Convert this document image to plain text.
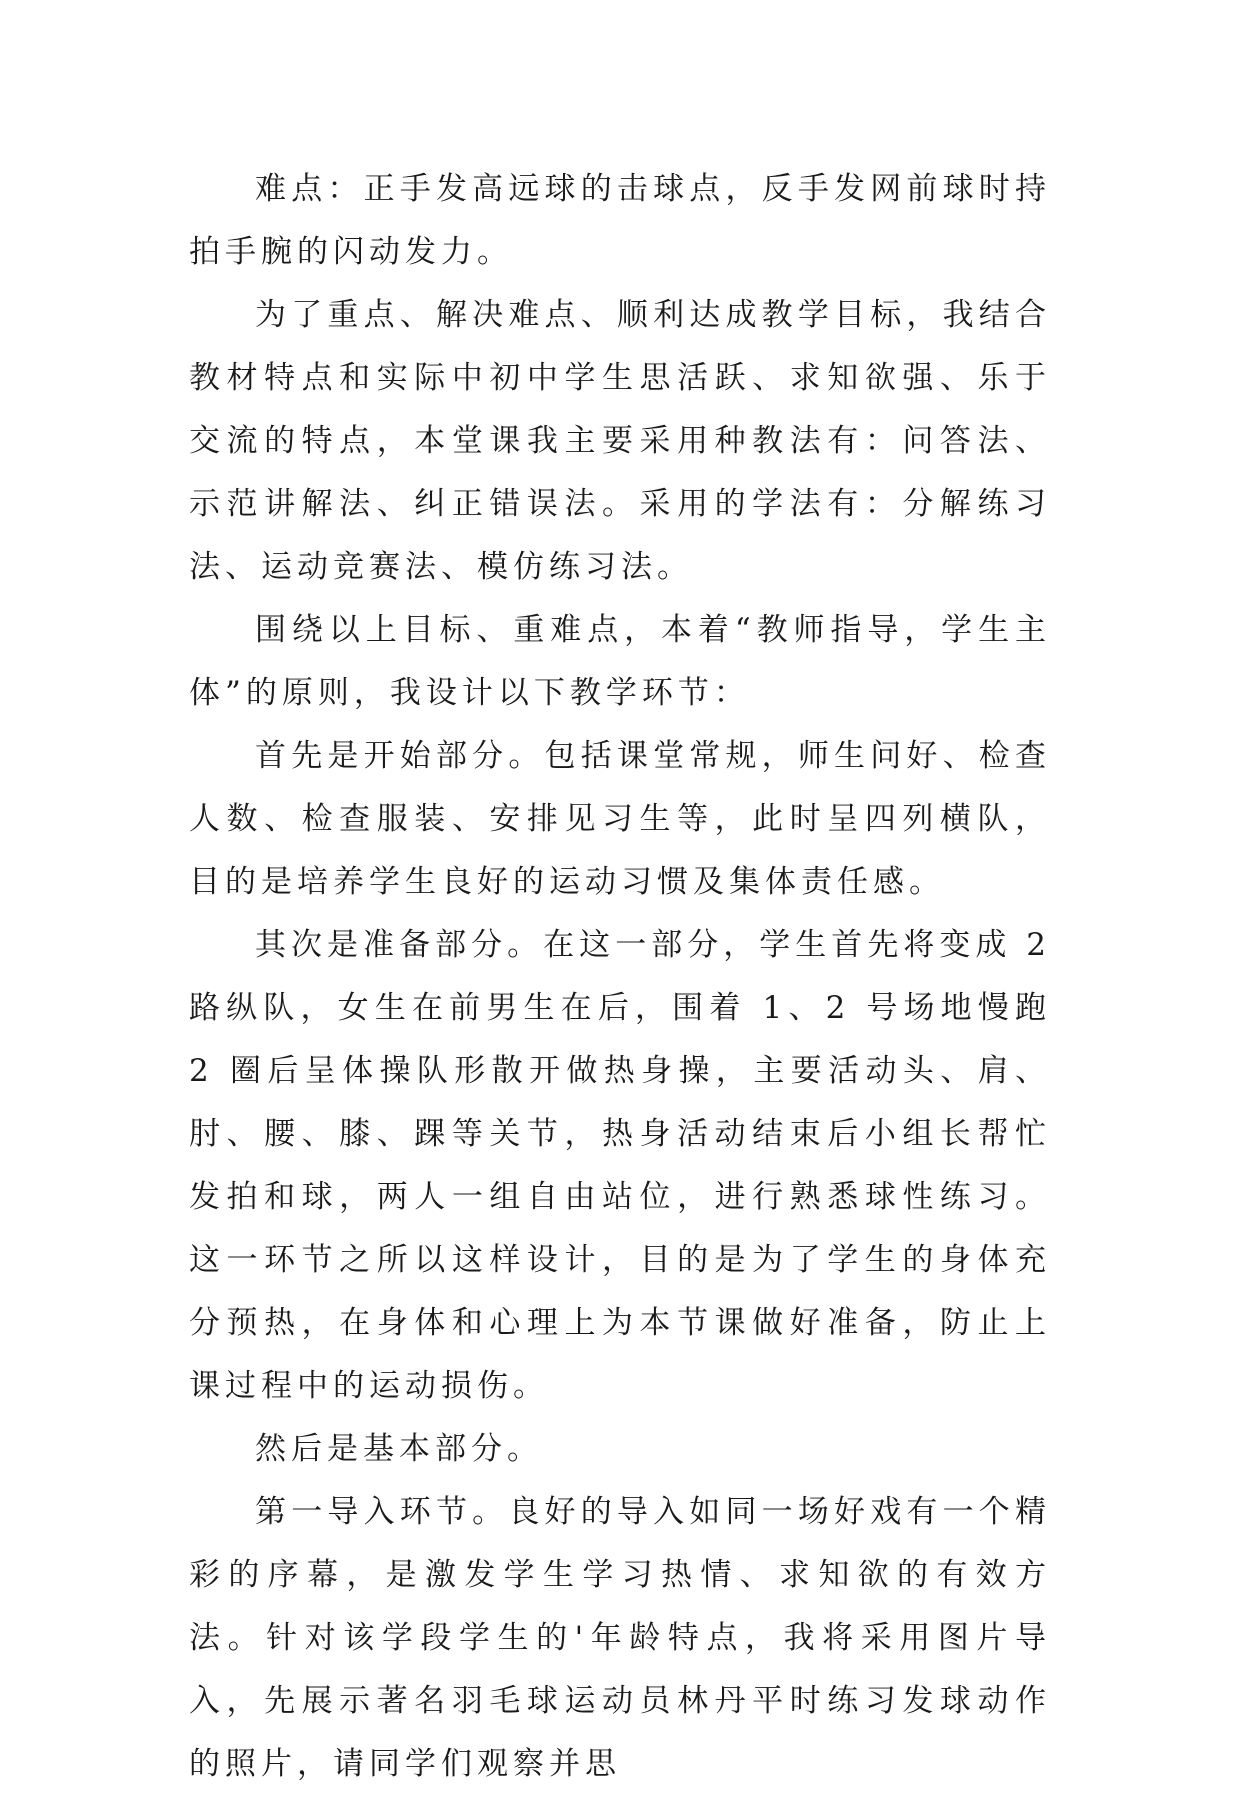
难点：正手发高远球的击球点，反手发网前球时持拍手腕的闪动发力。

为了重点、解决难点、顺利达成教学目标，我结合教材特点和实际中初中学生思活跃、求知欲强、乐于交流的特点，本堂课我主要采用种教法有：问答法、示范讲解法、纠正错误法。采用的学法有：分解练习法、运动竞赛法、模仿练习法。

围绕以上目标、重难点，本着“教师指导，学生主体”的原则，我设计以下教学环节：

首先是开始部分。包括课堂常规，师生问好、检查人数、检查服装、安排见习生等，此时呈四列横队，目的是培养学生良好的运动习惯及集体责任感。

其次是准备部分。在这一部分，学生首先将变成 2 路纵队，女生在前男生在后，围着 1、2 号场地慢跑 2 圈后呈体操队形散开做热身操，主要活动头、肩、肘、腰、膝、踝等关节，热身活动结束后小组长帮忙发拍和球，两人一组自由站位，进行熟悉球性练习。这一环节之所以这样设计，目的是为了学生的身体充分预热，在身体和心理上为本节课做好准备，防止上课过程中的运动损伤。

然后是基本部分。

第一导入环节。良好的导入如同一场好戏有一个精彩的序幕，是激发学生学习热情、求知欲的有效方法。针对该学段学生的'年龄特点，我将采用图片导入，先展示著名羽毛球运动员林丹平时练习发球动作的照片，请同学们观察并思
